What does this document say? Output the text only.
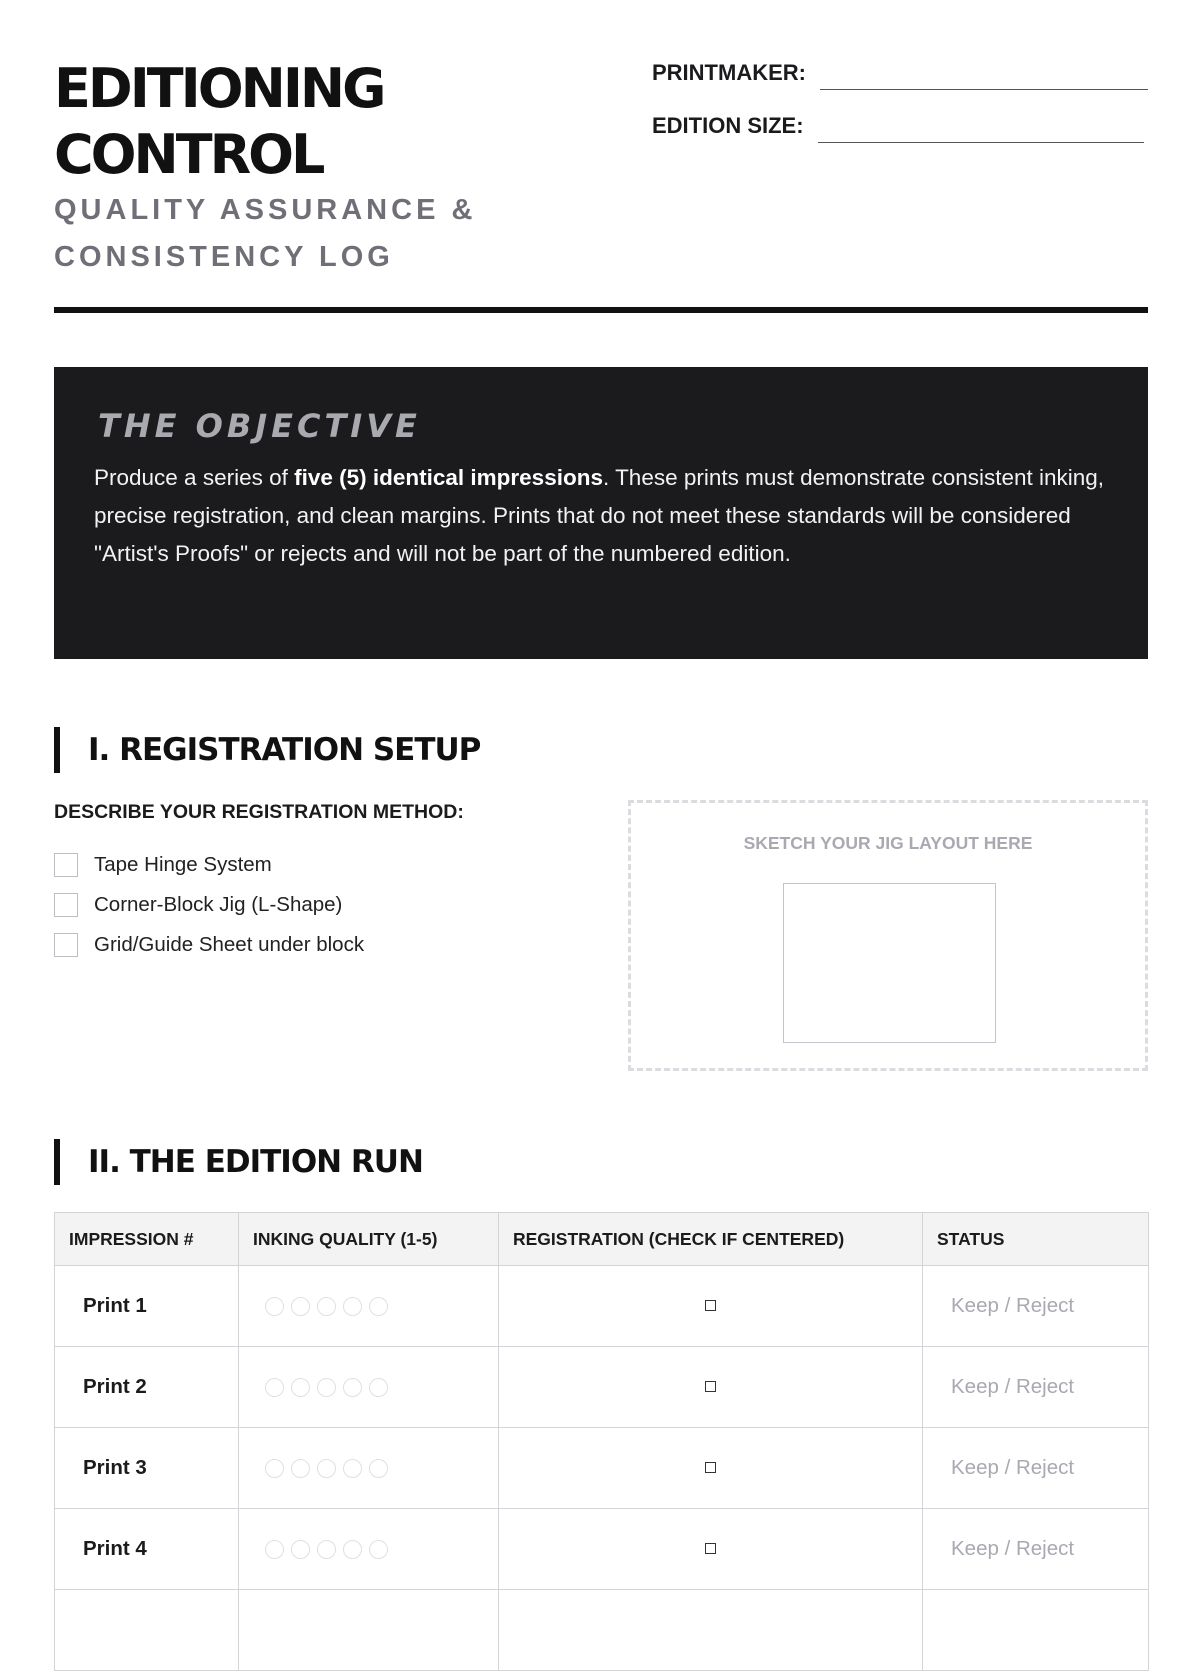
EDITIONING
CONTROL
QUALITY ASSURANCE &
CONSISTENCY LOG
PRINTMAKER:
EDITION SIZE:
THE OBJECTIVE

Produce a series of five (5) identical impressions. These prints must demonstrate consistent inking, precise registration, and clean margins. Prints that do not meet these standards will be considered "Artist's Proofs" or rejects and will not be part of the numbered edition.

I. REGISTRATION SETUP
DESCRIBE YOUR REGISTRATION METHOD:
Tape Hinge System
Corner-Block Jig (L-Shape)
Grid/Guide Sheet under block
SKETCH YOUR JIG LAYOUT HERE
II. THE EDITION RUN
IMPRESSION #	INKING QUALITY (1-5)	REGISTRATION (CHECK IF CENTERED)	STATUS
Print 1			Keep / Reject
Print 2			Keep / Reject
Print 3			Keep / Reject
Print 4			Keep / Reject
